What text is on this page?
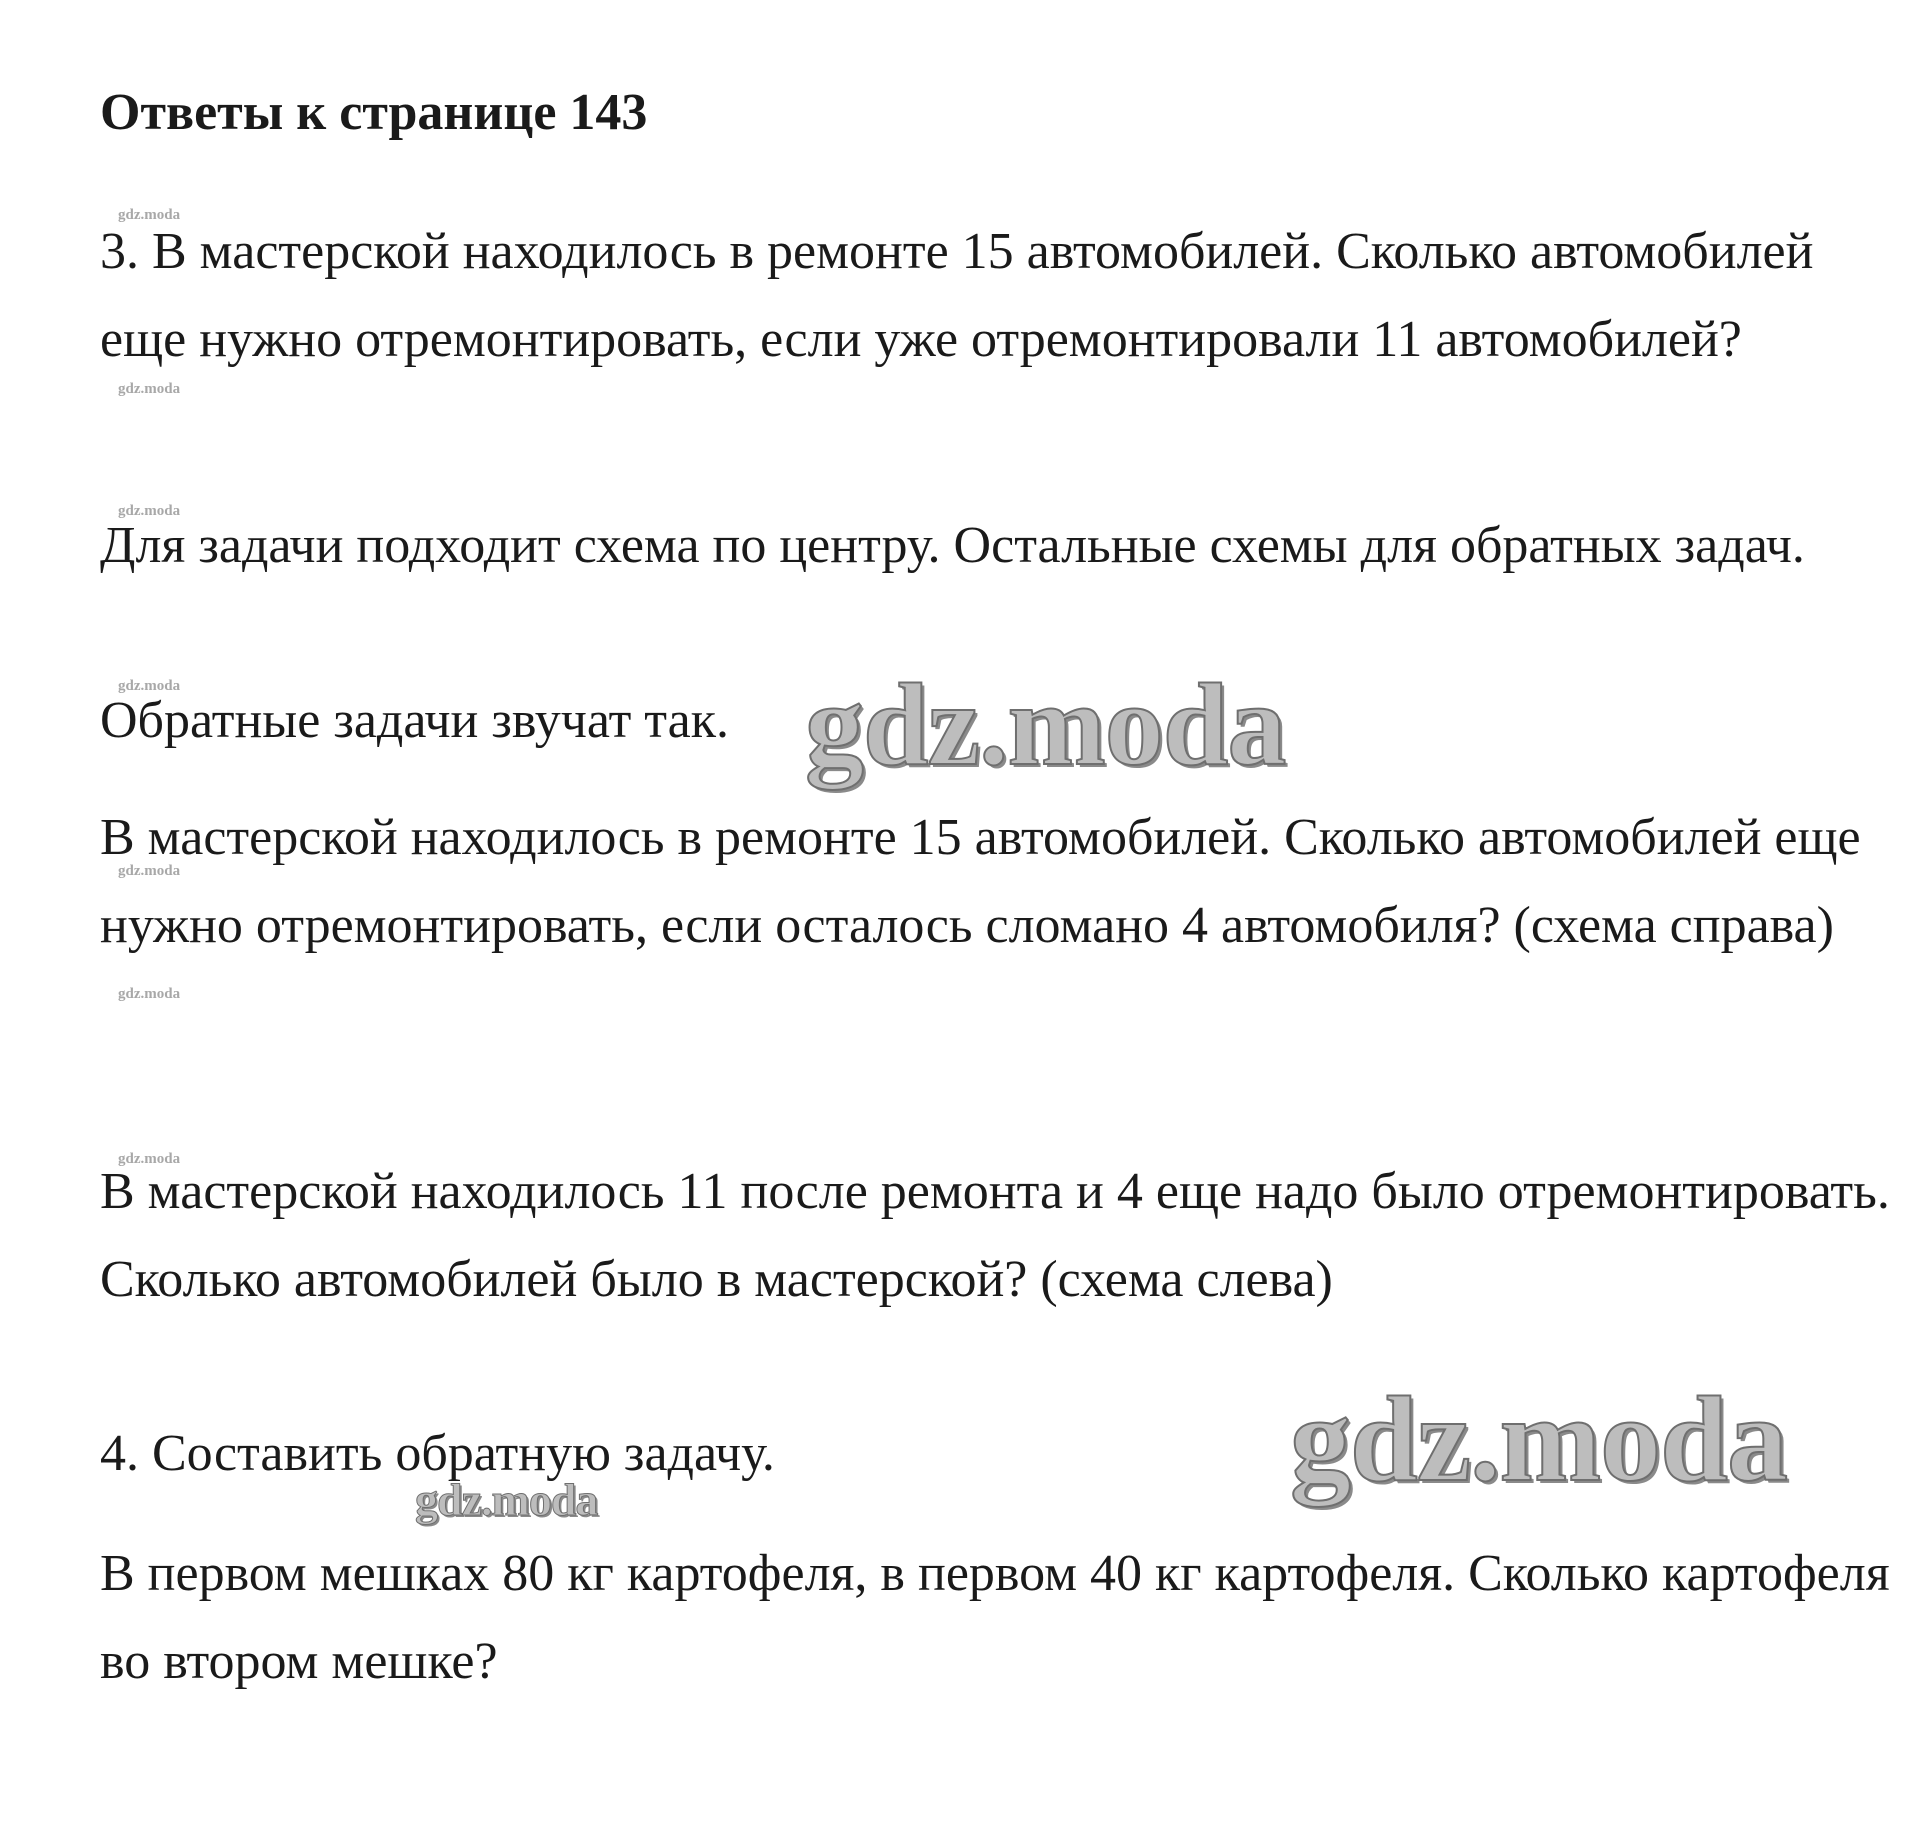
Ответы к странице 143
gdz.moda
gdz.moda
gdz.moda
gdz.moda
gdz.moda
gdz.moda
gdz.moda

3. В мастерской находилось в ремонте 15 автомобилей. Сколько автомобилей еще нужно отремонтировать, если уже отремонтировали 11 автомобилей?

Для задачи подходит схема по центру. Остальные схемы для обратных задач.

Обратные задачи звучат так.

В мастерской находилось в ремонте 15 автомобилей. Сколько автомобилей еще нужно отремонтировать, если осталось сломано 4 автомобиля? (схема справа)

В мастерской находилось 11 после ремонта и 4 еще надо было отремонтировать. Сколько автомобилей было в мастерской? (схема слева)

4. Составить обратную задачу.

В первом мешках 80 кг картофеля, в первом 40 кг картофеля. Сколько картофеля во втором мешке?

gdz.moda
gdz.moda
gdz.moda
